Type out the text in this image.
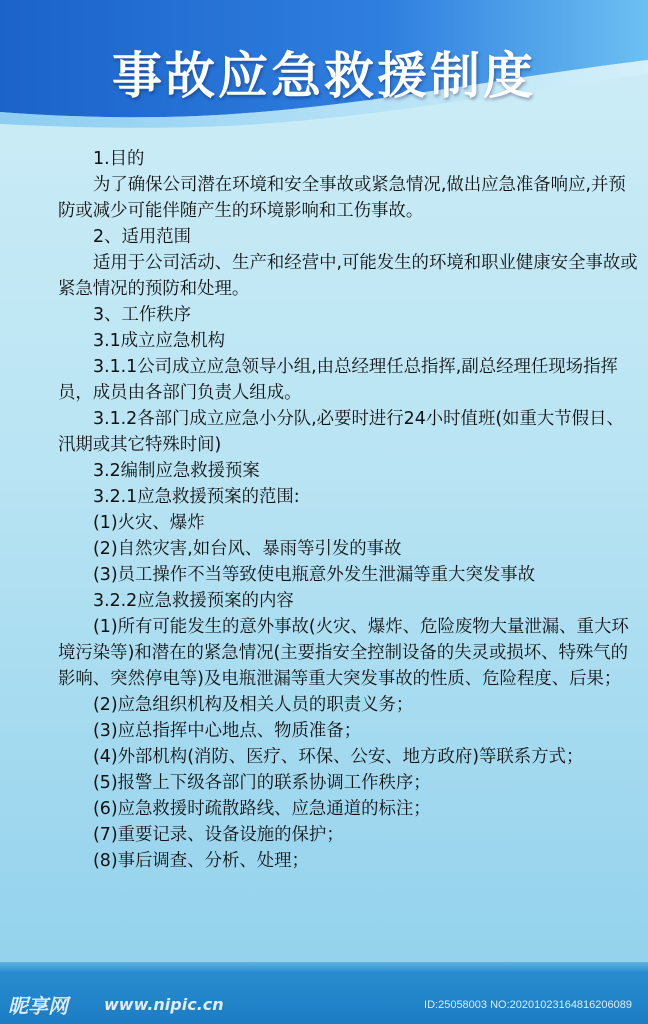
事故应急救援制度

1.目的

为了确保公司潜在环境和安全事故或紧急情况,做出应急准备响应,并预防或减少可能伴随产生的环境影响和工伤事故。

2、适用范围

适用于公司活动、生产和经营中,可能发生的环境和职业健康安全事故或紧急情况的预防和处理。

3、工作秩序

3.1成立应急机构

3.1.1公司成立应急领导小组,由总经理任总指挥,副总经理任现场指挥员，成员由各部门负责人组成。

3.1.2各部门成立应急小分队,必要时进行24小时值班(如重大节假日、汛期或其它特殊时间)

3.2编制应急救援预案

3.2.1应急救援预案的范围:

(1)火灾、爆炸

(2)自然灾害,如台风、暴雨等引发的事故

(3)员工操作不当等致使电瓶意外发生泄漏等重大突发事故

3.2.2应急救援预案的内容

(1)所有可能发生的意外事故(火灾、爆炸、危险废物大量泄漏、重大环境污染等)和潜在的紧急情况(主要指安全控制设备的失灵或损坏、特殊气的影响、突然停电等)及电瓶泄漏等重大突发事故的性质、危险程度、后果；

(2)应急组织机构及相关人员的职责义务；

(3)应总指挥中心地点、物质准备；

(4)外部机构(消防、医疗、环保、公安、地方政府)等联系方式；

(5)报警上下级各部门的联系协调工作秩序；

(6)应急救援时疏散路线、应急通道的标注；

(7)重要记录、设备设施的保护；

(8)事后调查、分析、处理；

昵享网 www.nipic.cn	ID:25058003 NO:20201023164816206089
